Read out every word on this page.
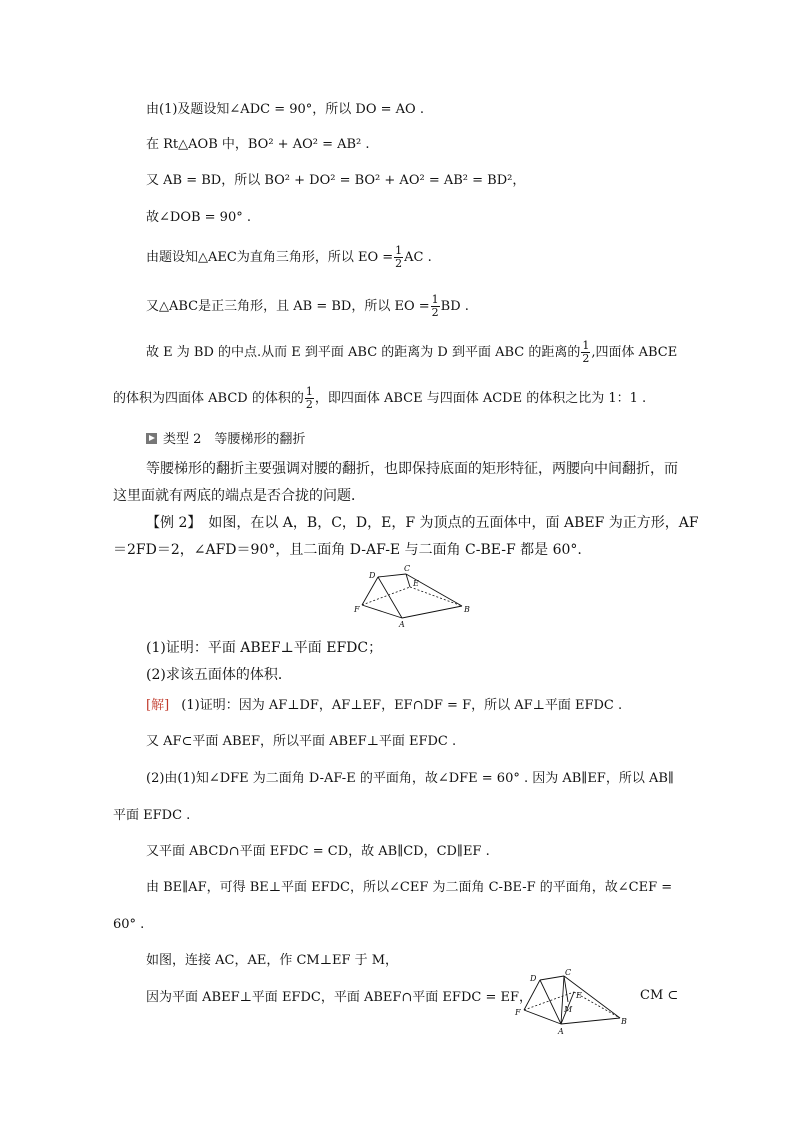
由(1)及题设知∠ADC = 90°，所以 DO = AO .
在 Rt△AOB 中，BO² + AO² = AB² .
又 AB = BD，所以 BO² + DO² = BO² + AO² = AB² = BD²，
故∠DOB = 90° .
由题设知△AEC为直角三角形，所以 EO = $\frac{1}{2}$ AC .
又△ABC是正三角形，且 AB = BD，所以 EO = $\frac{1}{2}$ BD .
故 E 为 BD 的中点.从而 E 到平面 ABC 的距离为 D 到平面 ABC 的距离的 $\frac{1}{2}$ ,四面体 ABCE
的体积为四面体 ABCD 的体积的 $\frac{1}{2}$ ，即四面体 ABCE 与四面体 ACDE 的体积之比为 1：1 .
类型 2　等腰梯形的翻折
等腰梯形的翻折主要强调对腰的翻折，也即保持底面的矩形特征，两腰向中间翻折，而
这里面就有两底的端点是否合拢的问题．
【例 2】　如图，在以 A，B，C，D，E，F 为顶点的五面体中，面 ABEF 为正方形，AF
＝2FD＝2，∠AFD＝90°，且二面角 D-AF-E 与二面角 C-BE-F 都是 60°.
D
C
E
F
A
B
(1)证明：平面 ABEF⊥平面 EFDC；
(2)求该五面体的体积．
[解] (1)证明：因为 AF⊥DF，AF⊥EF，EF∩DF = F，所以 AF⊥平面 EFDC .
又 AF⊂平面 ABEF，所以平面 ABEF⊥平面 EFDC .
(2)由(1)知∠DFE 为二面角 D-AF-E 的平面角，故∠DFE = 60° . 因为 AB∥EF，所以 AB∥
平面 EFDC .
又平面 ABCD∩平面 EFDC = CD，故 AB∥CD，CD∥EF .
由 BE∥AF，可得 BE⊥平面 EFDC，所以∠CEF 为二面角 C-BE-F 的平面角，故∠CEF =
60° .
如图，连接 AC，AE，作 CM⊥EF 于 M，
因为平面 ABEF⊥平面 EFDC，平面 ABEF∩平面 EFDC = EF，	CM ⊂
D
C
E
M
F
A
B
